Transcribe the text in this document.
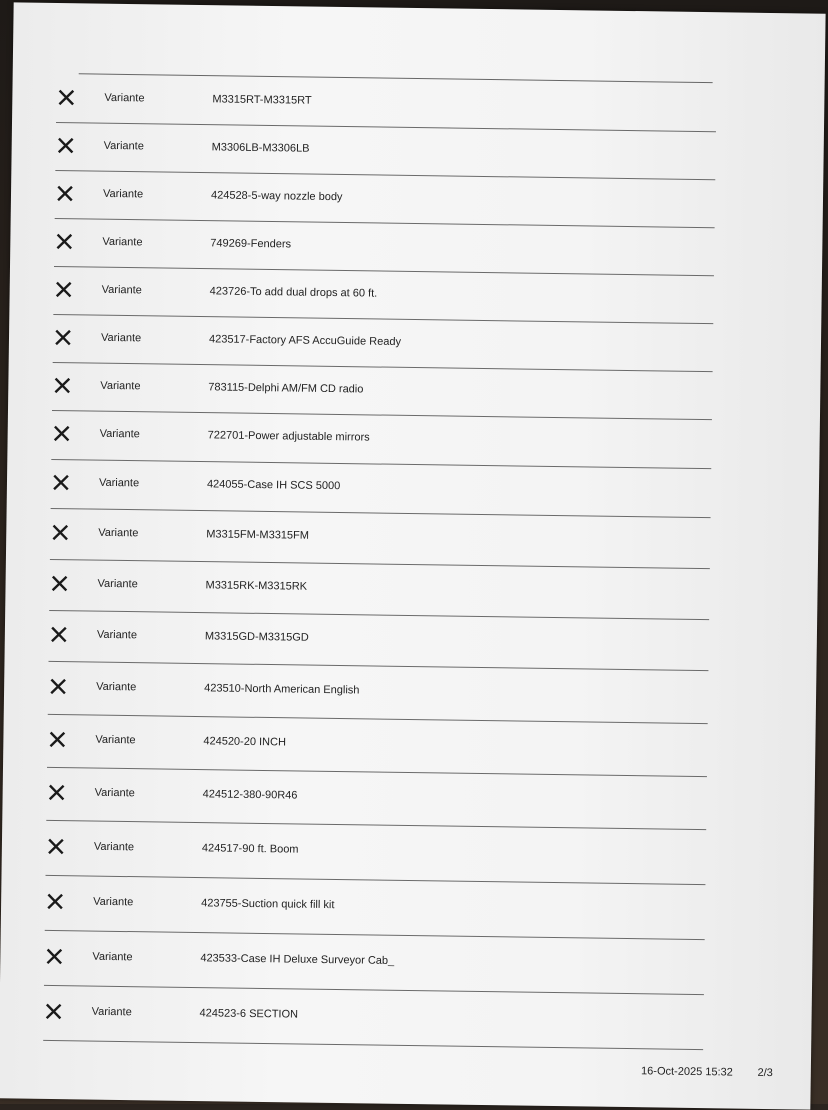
Variante	M3315RT-M3315RT
Variante	M3306LB-M3306LB
Variante	424528-5-way nozzle body
Variante	749269-Fenders
Variante	423726-To add dual drops at 60 ft.
Variante	423517-Factory AFS AccuGuide Ready
Variante	783115-Delphi AM/FM CD radio
Variante	722701-Power adjustable mirrors
Variante	424055-Case IH SCS 5000
Variante	M3315FM-M3315FM
Variante	M3315RK-M3315RK
Variante	M3315GD-M3315GD
Variante	423510-North American English
Variante	424520-20 INCH
Variante	424512-380-90R46
Variante	424517-90 ft. Boom
Variante	423755-Suction quick fill kit
Variante	423533-Case IH Deluxe Surveyor Cab_
Variante	424523-6 SECTION
16-Oct-2025 15:32 2/3
